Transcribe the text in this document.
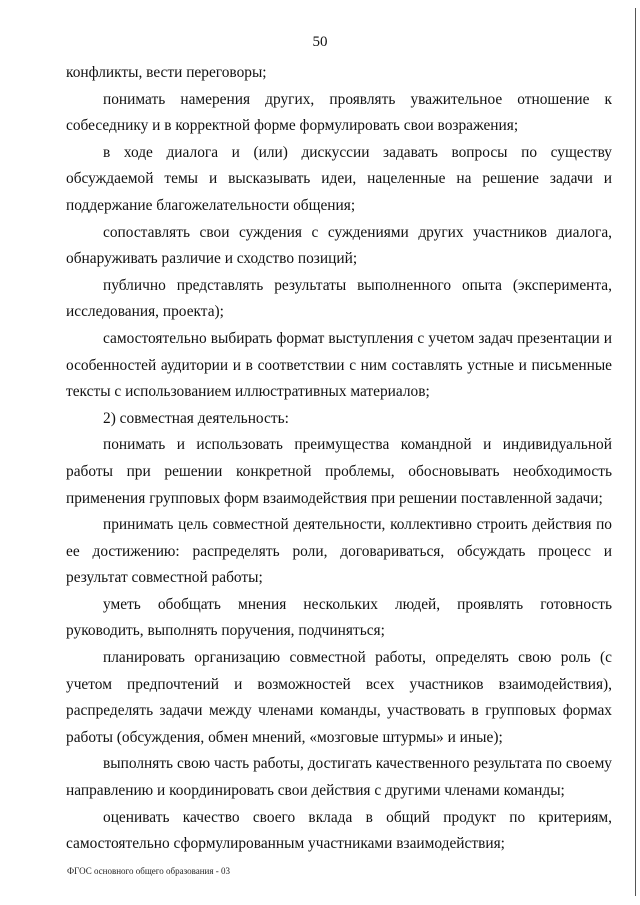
50

конфликты, вести переговоры;

понимать намерения других, проявлять уважительное отношение к собеседнику и в корректной форме формулировать свои возражения;

в ходе диалога и (или) дискуссии задавать вопросы по существу обсуждаемой темы и высказывать идеи, нацеленные на решение задачи и поддержание благожелательности общения;

сопоставлять свои суждения с суждениями других участников диалога, обнаруживать различие и сходство позиций;

публично представлять результаты выполненного опыта (эксперимента, исследования, проекта);

самостоятельно выбирать формат выступления с учетом задач презентации и особенностей аудитории и в соответствии с ним составлять устные и письменные тексты с использованием иллюстративных материалов;

2) совместная деятельность:

понимать и использовать преимущества командной и индивидуальной работы при решении конкретной проблемы, обосновывать необходимость применения групповых форм взаимодействия при решении поставленной задачи;

принимать цель совместной деятельности, коллективно строить действия по ее достижению: распределять роли, договариваться, обсуждать процесс и результат совместной работы;

уметь обобщать мнения нескольких людей, проявлять готовность руководить, выполнять поручения, подчиняться;

планировать организацию совместной работы, определять свою роль (с учетом предпочтений и возможностей всех участников взаимодействия), распределять задачи между членами команды, участвовать в групповых формах работы (обсуждения, обмен мнений, «мозговые штурмы» и иные);

выполнять свою часть работы, достигать качественного результата по своему направлению и координировать свои действия с другими членами команды;

оценивать качество своего вклада в общий продукт по критериям, самостоятельно сформулированным участниками взаимодействия;

ФГОС основного общего образования - 03
